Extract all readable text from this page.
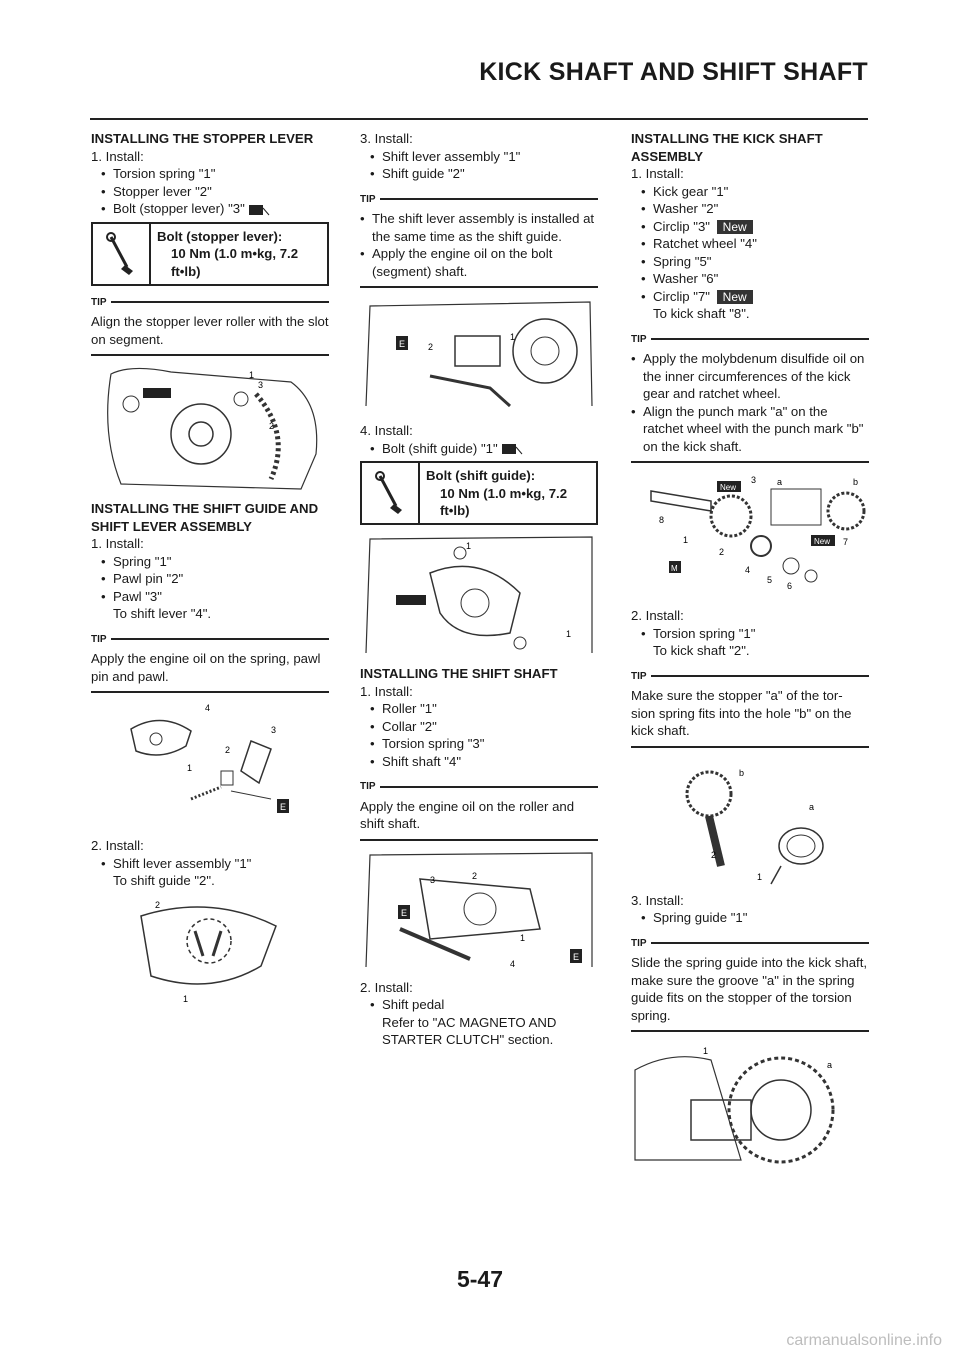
KICK SHAFT AND SHIFT SHAFT

INSTALLING THE STOPPER LEVER

1. Install:

• Torsion spring "1"
• Stopper lever "2"
• Bolt (stopper lever) "3"
Bolt (stopper lever):
10 Nm (1.0 m•kg, 7.2
ft•lb)
TIP
Align the stopper lever roller with the slot on segment.
3
2
1

INSTALLING THE SHIFT GUIDE AND SHIFT LEVER ASSEMBLY

1. Install:

• Spring "1"
• Pawl pin "2"
• Pawl "3"

To shift lever "4".

TIP
Apply the engine oil on the spring, pawl pin and pawl.
4
2
3
1
E

2. Install:

• Shift lever assembly "1"

To shift guide "2".

2
1

3. Install:

• Shift lever assembly "1"
• Shift guide "2"
TIP
• The shift lever assembly is installed at the same time as the shift guide.
• Apply the engine oil on the bolt (segment) shaft.
E	2
1

4. Install:

• Bolt (shift guide) "1"
Bolt (shift guide):
10 Nm (1.0 m•kg, 7.2
ft•lb)
1
1

INSTALLING THE SHIFT SHAFT

1. Install:

• Roller "1"
• Collar "2"
• Torsion spring "3"
• Shift shaft "4"
TIP
Apply the engine oil on the roller and shift shaft.
E
E
3	2
1
4

2. Install:

• Shift pedal

Refer to "AC MAGNETO AND

STARTER CLUTCH" section.

INSTALLING THE KICK SHAFT ASSEMBLY

1. Install:

• Kick gear "1"
• Washer "2"
• Circlip "3" New
• Ratchet wheel "4"
• Spring "5"
• Washer "6"
• Circlip "7" New

To kick shaft "8".

TIP
• Apply the molybdenum disulfide oil on the inner circumferences of the kick gear and ratchet wheel.
• Align the punch mark "a" on the ratchet wheel with the punch mark "b" on the kick shaft.
New
New
M
3
8
1
2
4
5
6
7
a	b

2. Install:

• Torsion spring "1"

To kick shaft "2".

TIP
Make sure the stopper "a" of the tor- sion spring fits into the hole "b" on the kick shaft.
b
a
2
1

3. Install:

• Spring guide "1"
TIP
Slide the spring guide into the kick shaft, make sure the groove "a" in the spring guide fits on the stopper of the torsion spring.
1
a
5-47
carmanualsonline.info
